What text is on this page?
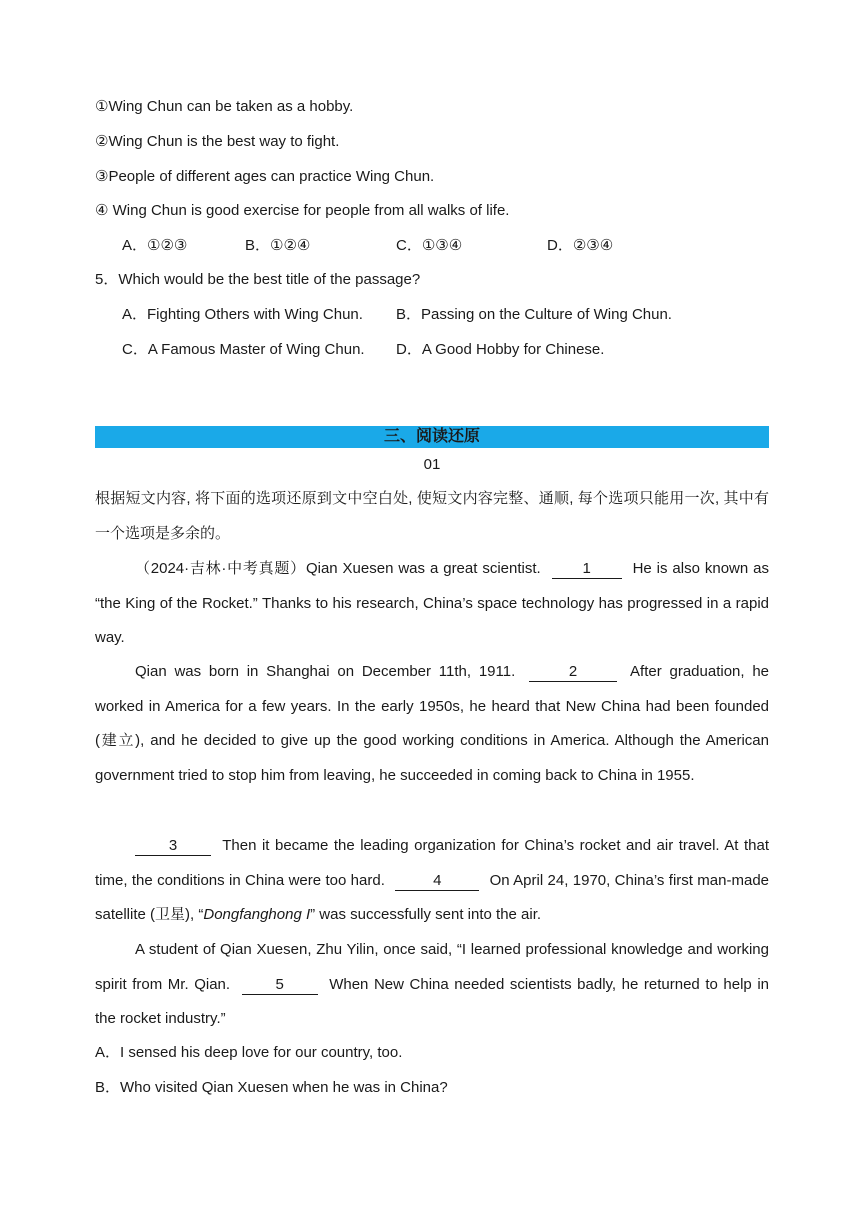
①Wing Chun can be taken as a hobby.
②Wing Chun is the best way to fight.
③People of different ages can practice Wing Chun.
④ Wing Chun is good exercise for people from all walks of life.
A．①②③	B．①②④	C．①③④	D．②③④
5．Which would be the best title of the passage?
A．Fighting Others with Wing Chun. B．Passing on the Culture of Wing Chun.
C．A Famous Master of Wing Chun. D．A Good Hobby for Chinese.
01
根据短文内容, 将下面的选项还原到文中空白处, 使短文内容完整、通顺, 每个选项只能用一次, 其中有一个选项是多余的。
（2024·吉林·中考真题）Qian Xuesen was a great scientist.	1	He is also known as “the King of the Rocket.” Thanks to his research, China’s space technology has progressed in a rapid way.
Qian was born in Shanghai on December 11th, 1911.	2	After graduation, he worked in America for a few years. In the early 1950s, he heard that New China had been founded (建立), and he decided to give up the good working conditions in America. Although the American government tried to stop him from leaving, he succeeded in coming back to China in 1955.
3	Then it became the leading organization for China’s rocket and air travel. At that time, the conditions in China were too hard.	4	On April 24, 1970, China’s first man-made satellite (卫星), “Dongfanghong I” was successfully sent into the air.
A student of Qian Xuesen, Zhu Yilin, once said, “I learned professional knowledge and working spirit from Mr. Qian.	5	When New China needed scientists badly, he returned to help in the rocket industry.”
A．I sensed his deep love for our country, too.
B．Who visited Qian Xuesen when he was in China?
三、阅读还原
